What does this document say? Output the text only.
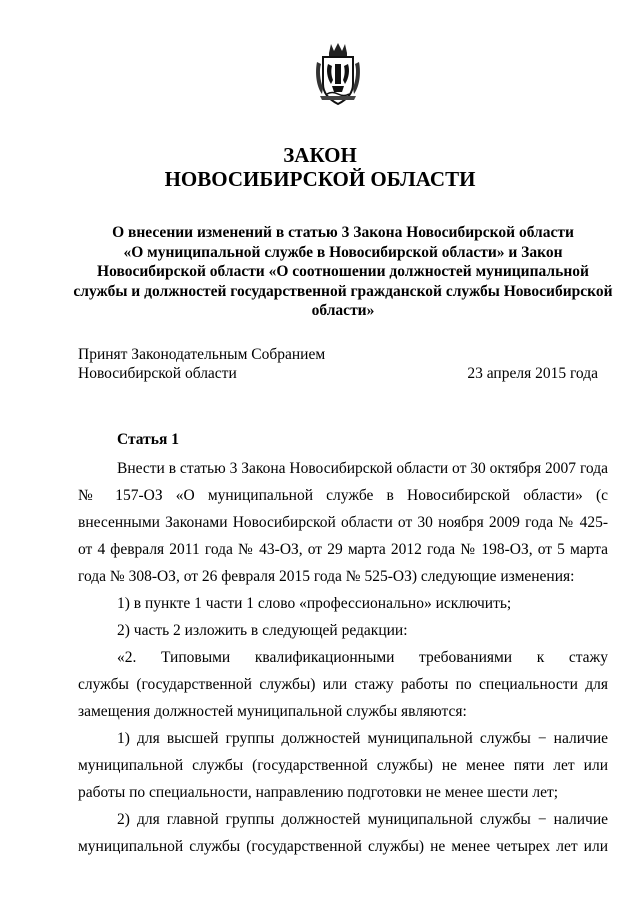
ЗАКОН
НОВОСИБИРСКОЙ ОБЛАСТИ
О внесении изменений в статью 3 Закона Новосибирской области
«О муниципальной службе в Новосибирской области» и Закон
Новосибирской области «О соотношении должностей муниципальной
службы и должностей государственной гражданской службы Новосибирской
области»
Принят Законодательным Собранием
Новосибирской области	23 апреля 2015 года
Статья 1
Внести в статью 3 Закона Новосибирской области от 30 октября 2007 года
№ 157-ОЗ «О муниципальной службе в Новосибирской области» (с
внесенными Законами Новосибирской области от 30 ноября 2009 года № 425-
от 4 февраля 2011 года № 43-ОЗ, от 29 марта 2012 года № 198-ОЗ, от 5 марта
года № 308-ОЗ, от 26 февраля 2015 года № 525-ОЗ) следующие изменения:
1) в пункте 1 части 1 слово «профессионально» исключить;
2) часть 2 изложить в следующей редакции:
«2. Типовыми квалификационными требованиями к стажу
службы (государственной службы) или стажу работы по специальности для
замещения должностей муниципальной службы являются:
1) для высшей группы должностей муниципальной службы − наличие
муниципальной службы (государственной службы) не менее пяти лет или
работы по специальности, направлению подготовки не менее шести лет;
2) для главной группы должностей муниципальной службы − наличие
муниципальной службы (государственной службы) не менее четырех лет или
